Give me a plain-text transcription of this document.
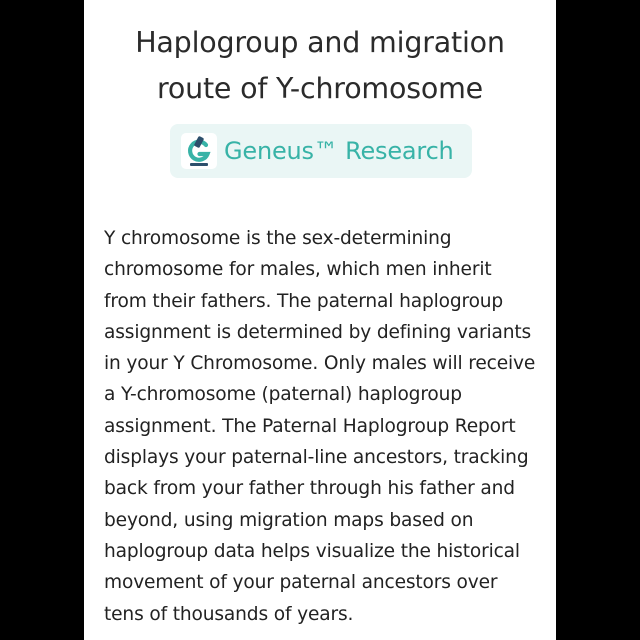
Haplogroup and migration
route of Y-chromosome
Geneus™ Research

Y chromosome is the sex-determining
chromosome for males, which men inherit
from their fathers. The paternal haplogroup
assignment is determined by defining variants
in your Y Chromosome. Only males will receive
a Y-chromosome (paternal) haplogroup
assignment. The Paternal Haplogroup Report
displays your paternal-line ancestors, tracking
back from your father through his father and
beyond, using migration maps based on
haplogroup data helps visualize the historical
movement of your paternal ancestors over
tens of thousands of years.
